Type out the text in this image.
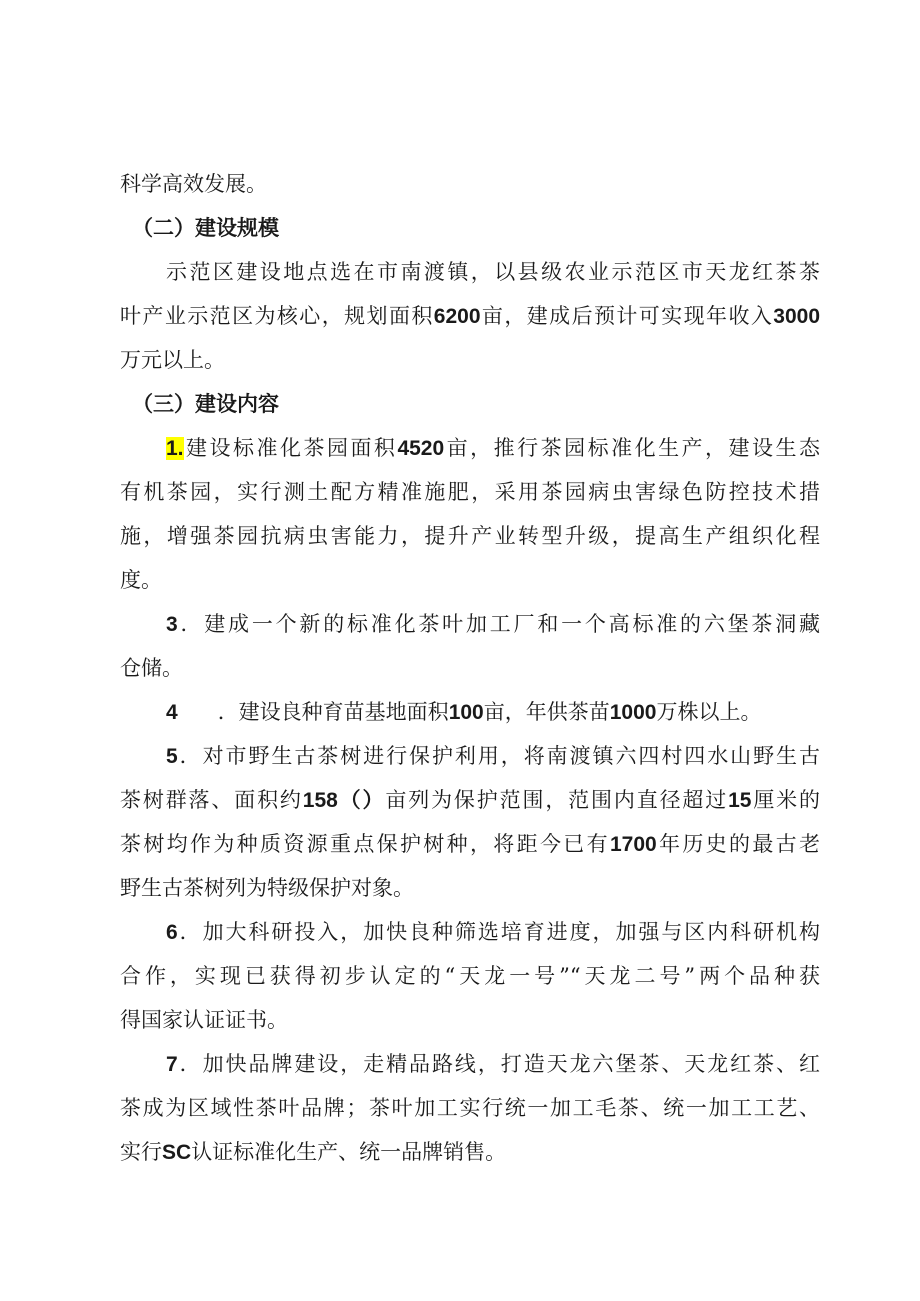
科学高效发展。
（二）建设规模
示范区建设地点选在市南渡镇，以县级农业示范区市天龙红茶茶
叶产业示范区为核心，规划面积6200亩，建成后预计可实现年收入3000
万元以上。
（三）建设内容
1.建设标准化茶园面积4520亩，推行茶园标准化生产，建设生态
有机茶园，实行测土配方精准施肥，采用茶园病虫害绿色防控技术措
施，增强茶园抗病虫害能力，提升产业转型升级，提高生产组织化程
度。
3．建成一个新的标准化茶叶加工厂和一个高标准的六堡茶洞藏
仓储。
4 ．建设良种育苗基地面积100亩，年供茶苗1000万株以上。
5．对市野生古茶树进行保护利用，将南渡镇六四村四水山野生古
茶树群落、面积约158（）亩列为保护范围，范围内直径超过15厘米的
茶树均作为种质资源重点保护树种，将距今已有1700年历史的最古老
野生古茶树列为特级保护对象。
6．加大科研投入，加快良种筛选培育进度，加强与区内科研机构
合作，实现已获得初步认定的“天龙一号”“天龙二号”两个品种获
得国家认证证书。
7．加快品牌建设，走精品路线，打造天龙六堡茶、天龙红茶、红
茶成为区域性茶叶品牌；茶叶加工实行统一加工毛茶、统一加工工艺、
实行SC认证标准化生产、统一品牌销售。
